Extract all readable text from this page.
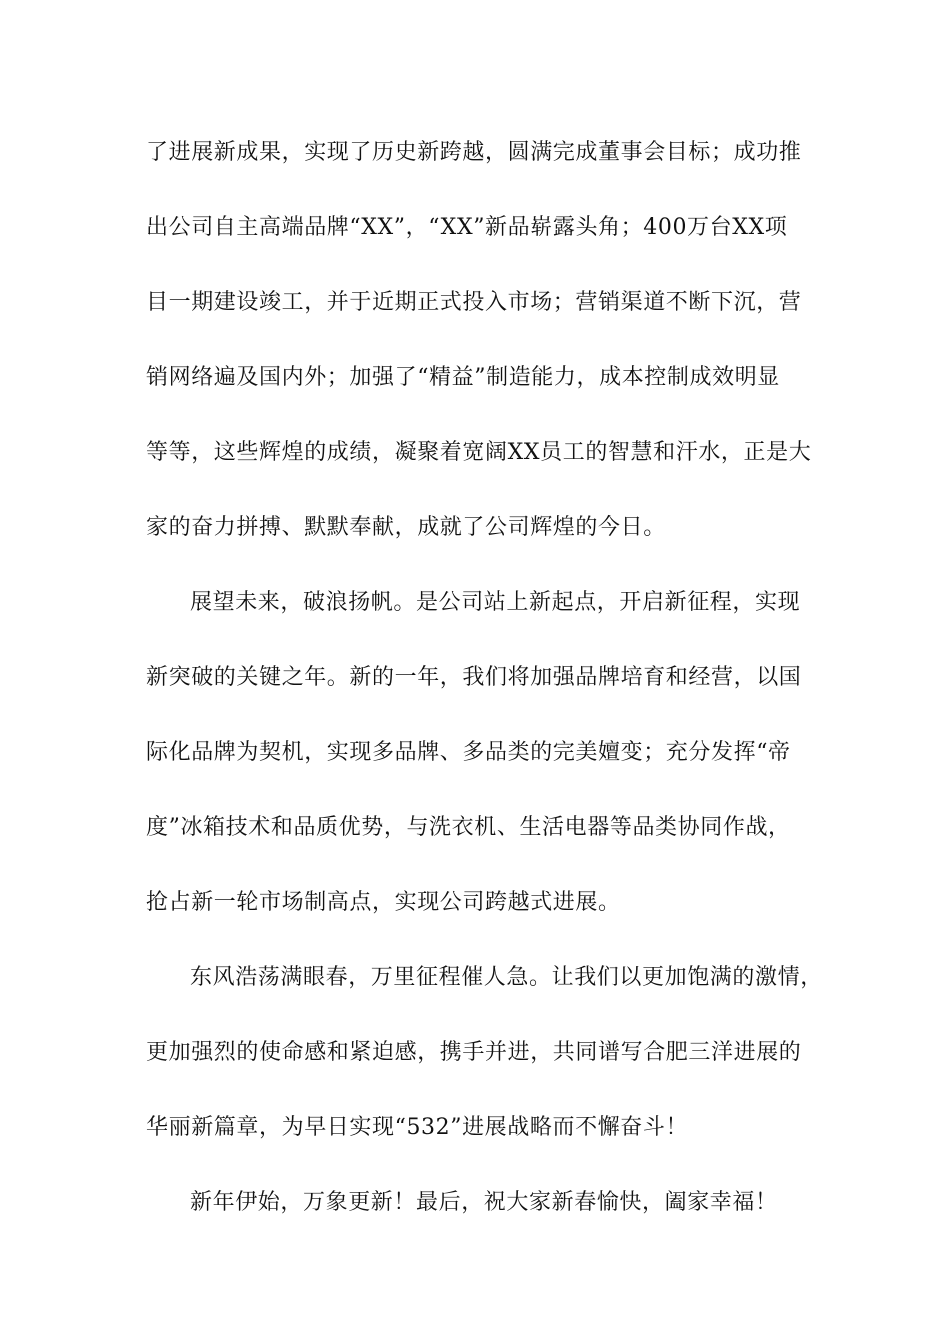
了进展新成果，实现了历史新跨越，圆满完成董事会目标；成功推
出公司自主高端品牌“XX”，“XX”新品崭露头角；400万台XX项
目一期建设竣工，并于近期正式投入市场；营销渠道不断下沉，营
销网络遍及国内外；加强了“精益”制造能力，成本控制成效明显
等等，这些辉煌的成绩，凝聚着宽阔XX员工的智慧和汗水，正是大
家的奋力拼搏、默默奉献，成就了公司辉煌的今日。
展望未来，破浪扬帆。是公司站上新起点，开启新征程，实现
新突破的关键之年。新的一年，我们将加强品牌培育和经营，以国
际化品牌为契机，实现多品牌、多品类的完美嬗变；充分发挥“帝
度”冰箱技术和品质优势，与洗衣机、生活电器等品类协同作战，
抢占新一轮市场制高点，实现公司跨越式进展。
东风浩荡满眼春，万里征程催人急。让我们以更加饱满的激情，
更加强烈的使命感和紧迫感，携手并进，共同谱写合肥三洋进展的
华丽新篇章，为早日实现“532”进展战略而不懈奋斗！
新年伊始，万象更新！最后，祝大家新春愉快，阖家幸福！
